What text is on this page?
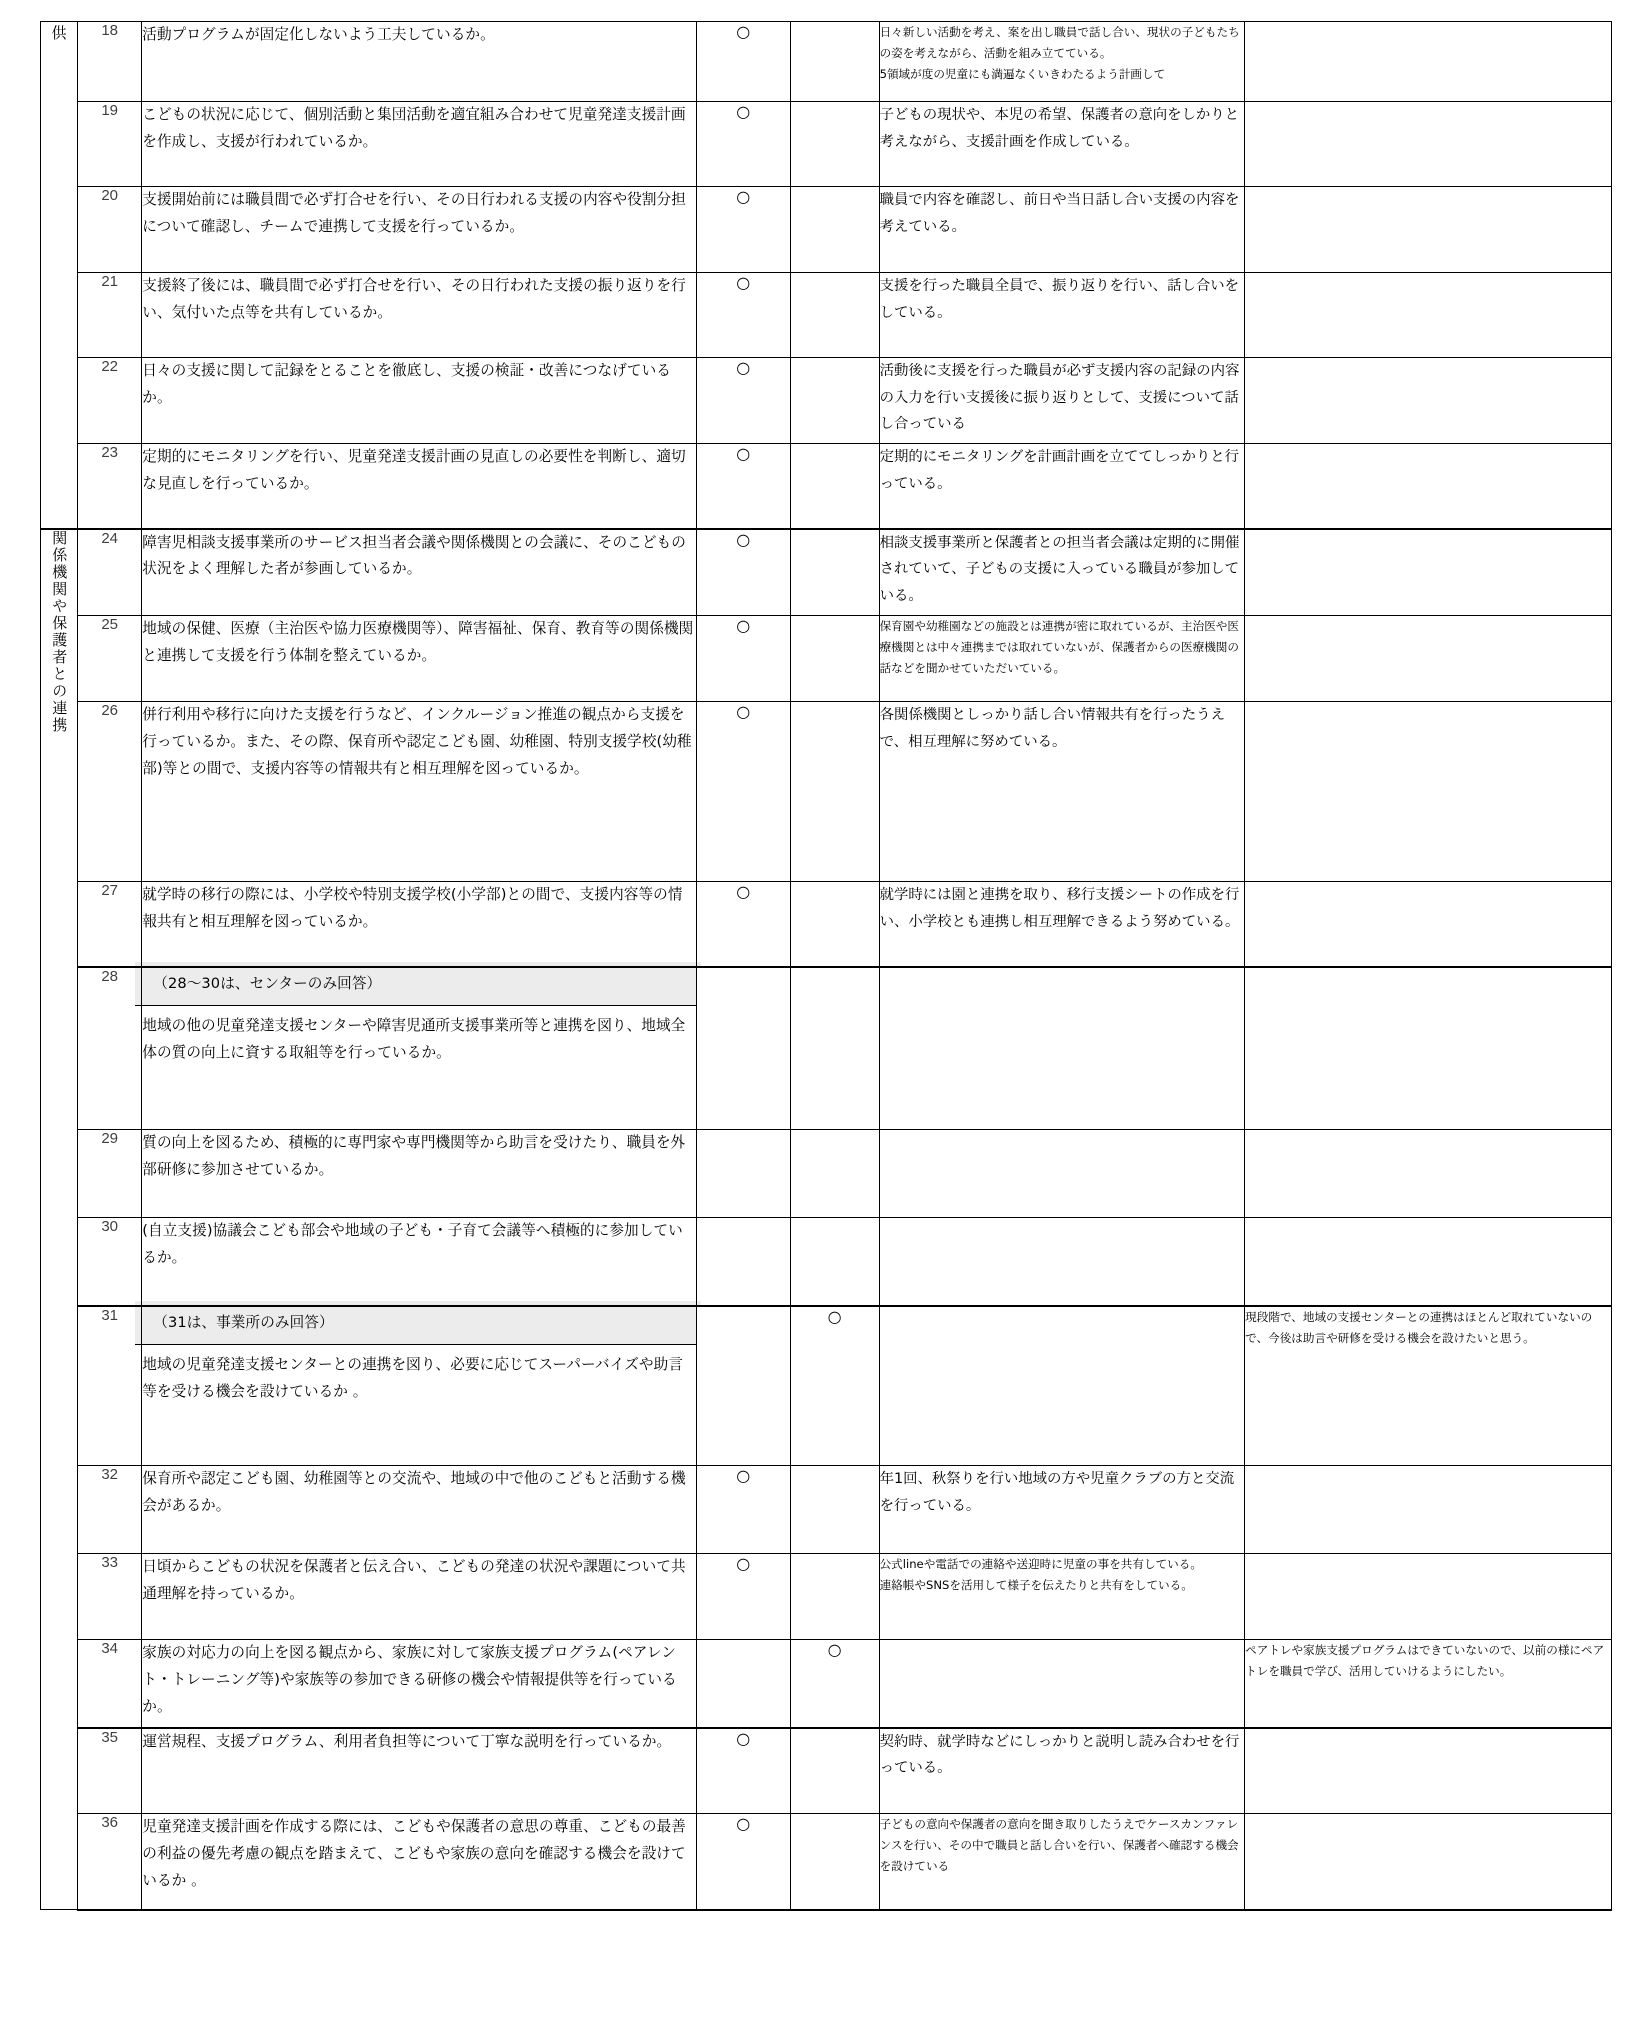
供	18	活動プログラムが固定化しないよう工夫しているか。	○		日々新しい活動を考え、案を出し職員で話し合い、現状の子どもたちの姿を考えながら、活動を組み立てている。
5領域が度の児童にも満遍なくいきわたるよう計画して	
	19	こどもの状況に応じて、個別活動と集団活動を適宜組み合わせて児童発達支援計画を作成し、支援が行われているか。	○		子どもの現状や、本児の希望、保護者の意向をしかりと考えながら、支援計画を作成している。	
	20	支援開始前には職員間で必ず打合せを行い、その日行われる支援の内容や役割分担について確認し、チームで連携して支援を行っているか。	○		職員で内容を確認し、前日や当日話し合い支援の内容を考えている。	
	21	支援終了後には、職員間で必ず打合せを行い、その日行われた支援の振り返りを行い、気付いた点等を共有しているか。	○		支援を行った職員全員で、振り返りを行い、話し合いをしている。	
	22	日々の支援に関して記録をとることを徹底し、支援の検証・改善につなげているか。	○		活動後に支援を行った職員が必ず支援内容の記録の内容の入力を行い支援後に振り返りとして、支援について話し合っている	
	23	定期的にモニタリングを行い、児童発達支援計画の見直しの必要性を判断し、適切な見直しを行っているか。	○		定期的にモニタリングを計画計画を立ててしっかりと行っている。	
関係機関や保護者との連携	24	障害児相談支援事業所のサービス担当者会議や関係機関との会議に、そのこどもの状況をよく理解した者が参画しているか。	○		相談支援事業所と保護者との担当者会議は定期的に開催されていて、子どもの支援に入っている職員が参加している。	
	25	地域の保健、医療（主治医や協力医療機関等）、障害福祉、保育、教育等の関係機関と連携して支援を行う体制を整えているか。	○		保育園や幼稚園などの施設とは連携が密に取れているが、主治医や医療機関とは中々連携までは取れていないが、保護者からの医療機関の話などを聞かせていただいている。	
	26	併行利用や移行に向けた支援を行うなど、インクルージョン推進の観点から支援を行っているか。また、その際、保育所や認定こども園、幼稚園、特別支援学校(幼稚部)等との間で、支援内容等の情報共有と相互理解を図っているか。	○		各関係機関としっかり話し合い情報共有を行ったうえで、相互理解に努めている。	
	27	就学時の移行の際には、小学校や特別支援学校(小学部)との間で、支援内容等の情報共有と相互理解を図っているか。	○		就学時には園と連携を取り、移行支援シートの作成を行い、小学校とも連携し相互理解できるよう努めている。	
	28	（28～30は、センターのみ回答）
地域の他の児童発達支援センターや障害児通所支援事業所等と連携を図り、地域全体の質の向上に資する取組等を行っているか。				

	29	質の向上を図るため、積極的に専門家や専門機関等から助言を受けたり、職員を外部研修に参加させているか。				

	30	(自立支援)協議会こども部会や地域の子ども・子育て会議等へ積極的に参加しているか。				

	31	（31は、事業所のみ回答）
地域の児童発達支援センターとの連携を図り、必要に応じてスーパーバイズや助言等を受ける機会を設けているか 。		○		現段階で、地域の支援センターとの連携はほとんど取れていないので、今後は助言や研修を受ける機会を設けたいと思う。
	32	保育所や認定こども園、幼稚園等との交流や、地域の中で他のこどもと活動する機会があるか。	○		年1回、秋祭りを行い地域の方や児童クラブの方と交流を行っている。	
	33	日頃からこどもの状況を保護者と伝え合い、こどもの発達の状況や課題について共通理解を持っているか。	○		公式lineや電話での連絡や送迎時に児童の事を共有している。
連絡帳やSNSを活用して様子を伝えたりと共有をしている。	
	34	家族の対応力の向上を図る観点から、家族に対して家族支援プログラム(ペアレント・トレーニング等)や家族等の参加できる研修の機会や情報提供等を行っているか。		○		ペアトレや家族支援プログラムはできていないので、以前の様にペアトレを職員で学び、活用していけるようにしたい。
	35	運営規程、支援プログラム、利用者負担等について丁寧な説明を行っているか。	○		契約時、就学時などにしっかりと説明し読み合わせを行っている。	
	36	児童発達支援計画を作成する際には、こどもや保護者の意思の尊重、こどもの最善の利益の優先考慮の観点を踏まえて、こどもや家族の意向を確認する機会を設けているか 。	○		子どもの意向や保護者の意向を聞き取りしたうえでケースカンファレンスを行い、その中で職員と話し合いを行い、保護者へ確認する機会を設けている	
